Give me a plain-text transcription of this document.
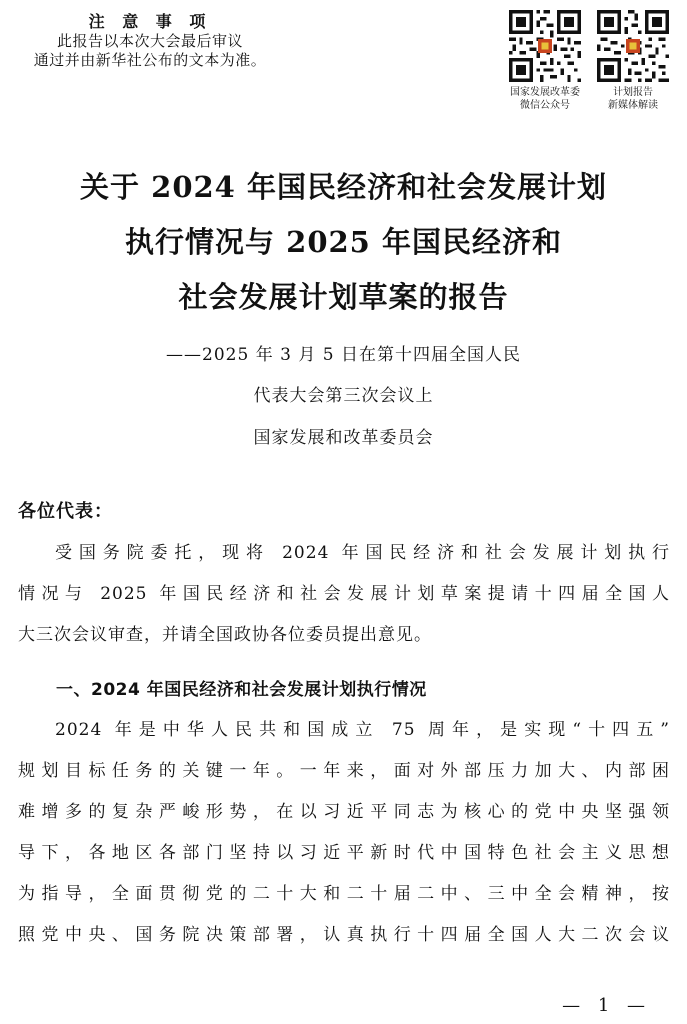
注 意 事 项
此报告以本次大会最后审议
通过并由新华社公布的文本为准。
国家发展改革委
微信公众号
计划报告
新媒体解读
关于 2024 年国民经济和社会发展计划
执行情况与 2025 年国民经济和
社会发展计划草案的报告
——2025 年 3 月 5 日在第十四届全国人民
代表大会第三次会议上
国家发展和改革委员会
各位代表：
受国务院委托，现将 2024 年国民经济和社会发展计划执行
情况与 2025 年国民经济和社会发展计划草案提请十四届全国人
大三次会议审查，并请全国政协各位委员提出意见。
一、2024 年国民经济和社会发展计划执行情况
2024 年是中华人民共和国成立 75 周年，是实现“十四五”
规划目标任务的关键一年。一年来，面对外部压力加大、内部困
难增多的复杂严峻形势，在以习近平同志为核心的党中央坚强领
导下，各地区各部门坚持以习近平新时代中国特色社会主义思想
为指导，全面贯彻党的二十大和二十届二中、三中全会精神，按
照党中央、国务院决策部署，认真执行十四届全国人大二次会议
— 1 —
